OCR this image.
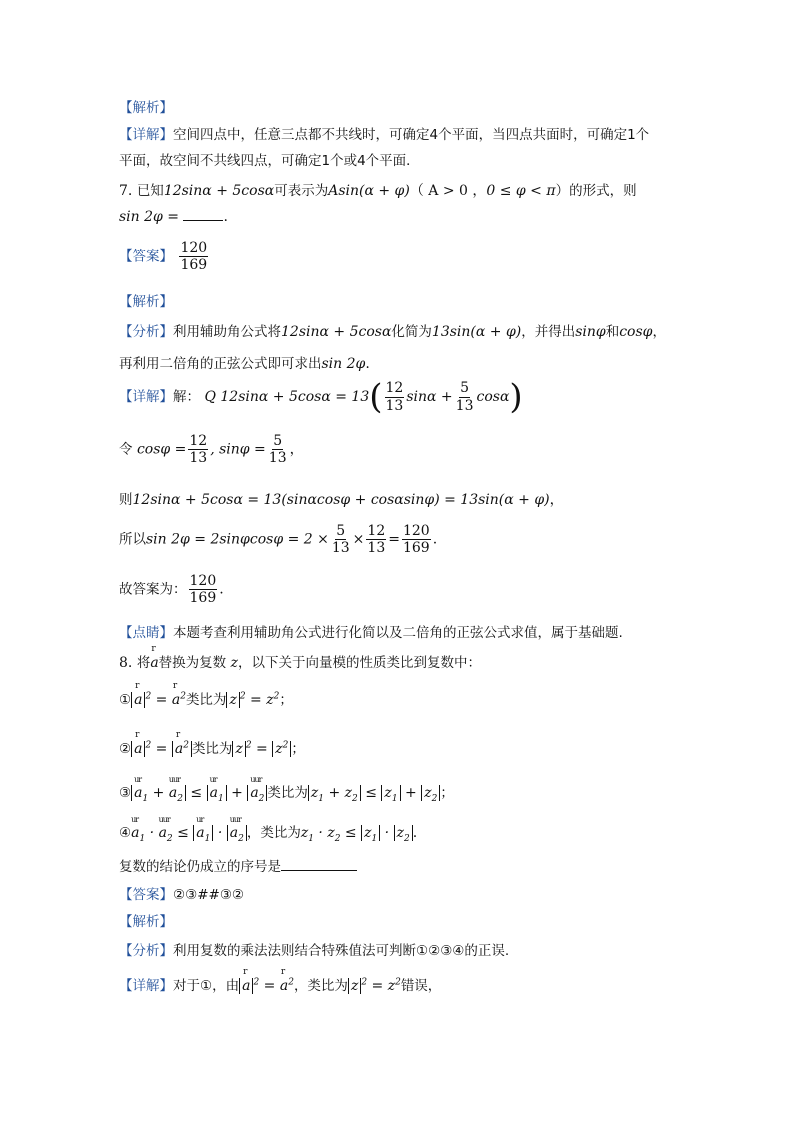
【解析】
【详解】空间四点中，任意三点都不共线时，可确定4个平面，当四点共面时，可确定1个
平面，故空间不共线四点，可确定1个或4个平面．
7. 已知12sinα + 5cosα可表示为Asin(α + φ)（ A > 0 ，0 ≤ φ < π）的形式，则
sin 2φ =	.
【答案】 $\frac{120}{169}$
【解析】
【分析】利用辅助角公式将12sinα + 5cosα化简为13sin(α + φ)，并得出sinφ和cosφ，
再利用二倍角的正弦公式即可求出sin 2φ.
【详解】解： Q $12\sin\alpha + 5\cos\alpha = 13( \frac{12}{13}$ $\sin\alpha + \frac{5}{13} \cos\alpha$)
令 $\cos\varphi = \frac{12}{13}$ , $\sin\varphi = \frac{5}{13}$ ，
则12sinα + 5cosα = 13(sinαcosφ + cosαsinφ) = 13sin(α + φ)，
所以$\sin 2\varphi = 2\sin\varphi\cos\varphi = 2 \times \frac{5}{13} \times \frac{12}{13} = \frac{120}{169}$ .
故答案为： $\frac{120}{169}$ .
【点睛】本题考查利用辅助角公式进行化简以及二倍角的正弦公式求值，属于基础题.
8. 将
r
a替换为复数 z，以下关于向量模的性质类比到复数中：
①
r
a $^2$ =
r
$a^2$类比为 z $^2 = z^2$；
②
r
a $^2$ =
r
$a^2$ 类比为 z $^2 = z^2$ ；
③
ur
$a_1$ +
uur
$a_2$ ≤
ur
$a_1$ +
uur
$a_2$ 类比为 $z_1 + z_2 \le z_1 + z_2$ ；
④
ur
$a_1$ ·
uur
$a_2$ ≤
ur
$a_1$ ·
uur
$a_2$ ，类比为$z_1 \cdot z_2 \le z_1 \cdot z_2$ .
复数的结论仍成立的序号是
【答案】②③##③②
【解析】
【分析】利用复数的乘法法则结合特殊值法可判断①②③④的正误.
【详解】对于①，由
r
a $^2$ =
r
$a^2$，类比为 z $^2 = z^2$错误，
